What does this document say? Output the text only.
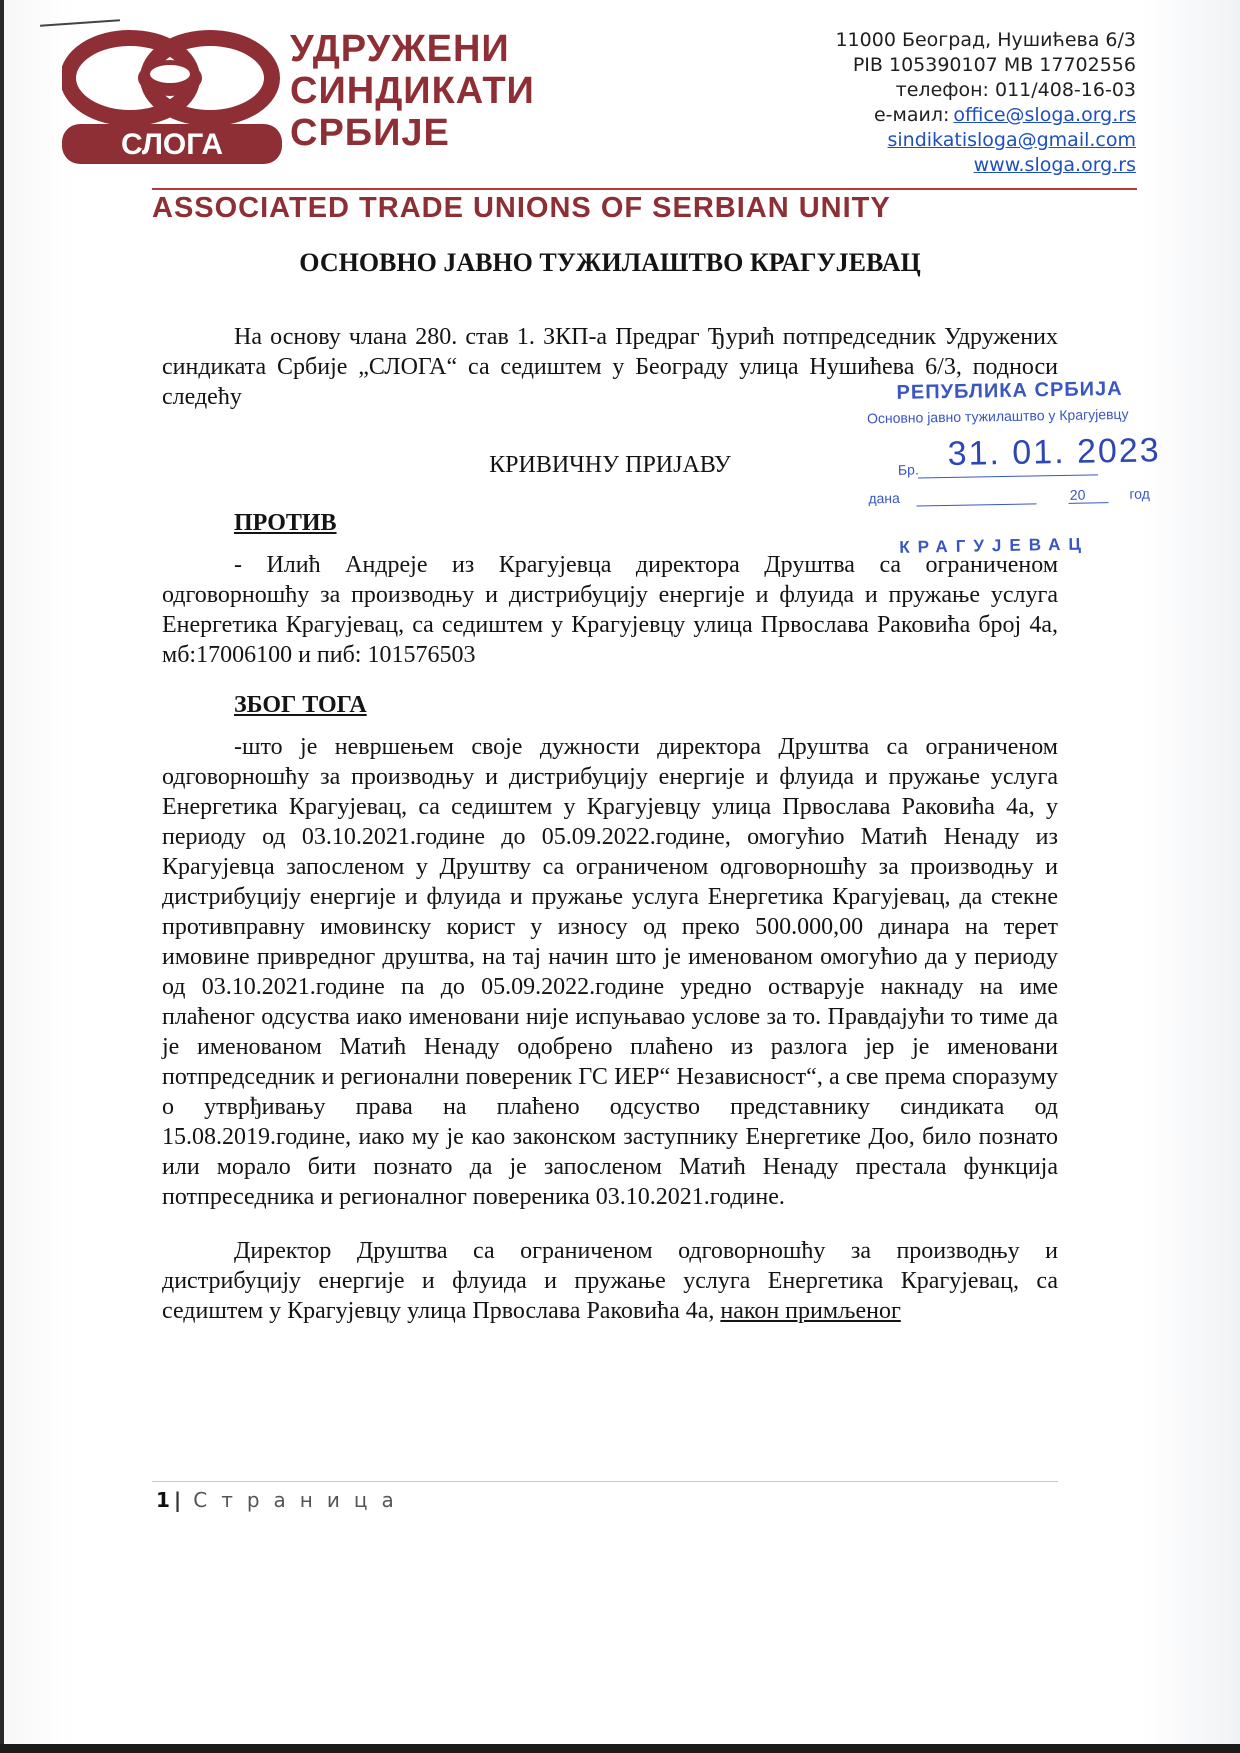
СЛОГА
УДРУЖЕНИ
СИНДИКАТИ
СРБИЈЕ
11000 Београд, Нушићева 6/3
PIB 105390107 MB 17702556
телефон: 011/408-16-03
е-маил: office@sloga.org.rs
sindikatisloga@gmail.com
www.sloga.org.rs
ASSOCIATED TRADE UNIONS OF SERBIAN UNITY
ОСНОВНО ЈАВНО ТУЖИЛАШТВО КРАГУЈЕВАЦ

На основу члана 280. став 1. ЗКП-а Предраг Ђурић потпредседник Удружених синдиката Србије „СЛОГА“ са седиштем у Београду улица Нушићева 6/3, подноси следећу

КРИВИЧНУ ПРИЈАВУ
ПРОТИВ

- Илић Андреје из Крагујевца директора Друштва са ограниченом одговорношћу за производњу и дистрибуцију енергије и флуида и пружање услуга Енергетика Крагујевац, са седиштем у Крагујевцу улица Првослава Раковића број 4а, мб:17006100 и пиб: 101576503

ЗБОГ ТОГА

-што је невршењем своје дужности директора Друштва са ограниченом одговорношћу за производњу и дистрибуцију енергије и флуида и пружање услуга Енергетика Крагујевац, са седиштем у Крагујевцу улица Првослава Раковића 4а, у периоду од 03.10.2021.године до 05.09.2022.године, омогућио Матић Ненаду из Крагујевца запосленом у Друштву са ограниченом одговорношћу за производњу и дистрибуцију енергије и флуида и пружање услуга Енергетика Крагујевац, да стекне противправну имовинску корист у износу од преко 500.000,00 динара на терет имовине привредног друштва, на тај начин што је именованом омогућио да у периоду од 03.10.2021.године па до 05.09.2022.године уредно остварује накнаду на име плаћеног одсуства иако именовани није испуњавао услове за то. Правдајући то тиме да је именованом Матић Ненаду одобрено плаћено из разлога јер је именовани потпредседник и регионални повереник ГС ИЕР“ Независност“, а све према споразуму о утврђивању права на плаћено одсуство представнику синдиката од 15.08.2019.године, иако му је као законском заступнику Енергетике Доо, било познато или морало бити познато да је запосленом Матић Ненаду престала функција потпреседника и регионалног повереника 03.10.2021.године.

Директор Друштва са ограниченом одговорношћу за производњу и дистрибуцију енергије и флуида и пружање услуга Енергетика Крагујевац, са седиштем у Крагујевцу улица Првослава Раковића 4а, након примљеног

РЕПУБЛИКА СРБИЈА
Основно јавно тужилаштво у Крагујевцу
Бр. 31. 01. 2023
дана	20	год
КРАГУЈЕВАЦ
1 | Страница
